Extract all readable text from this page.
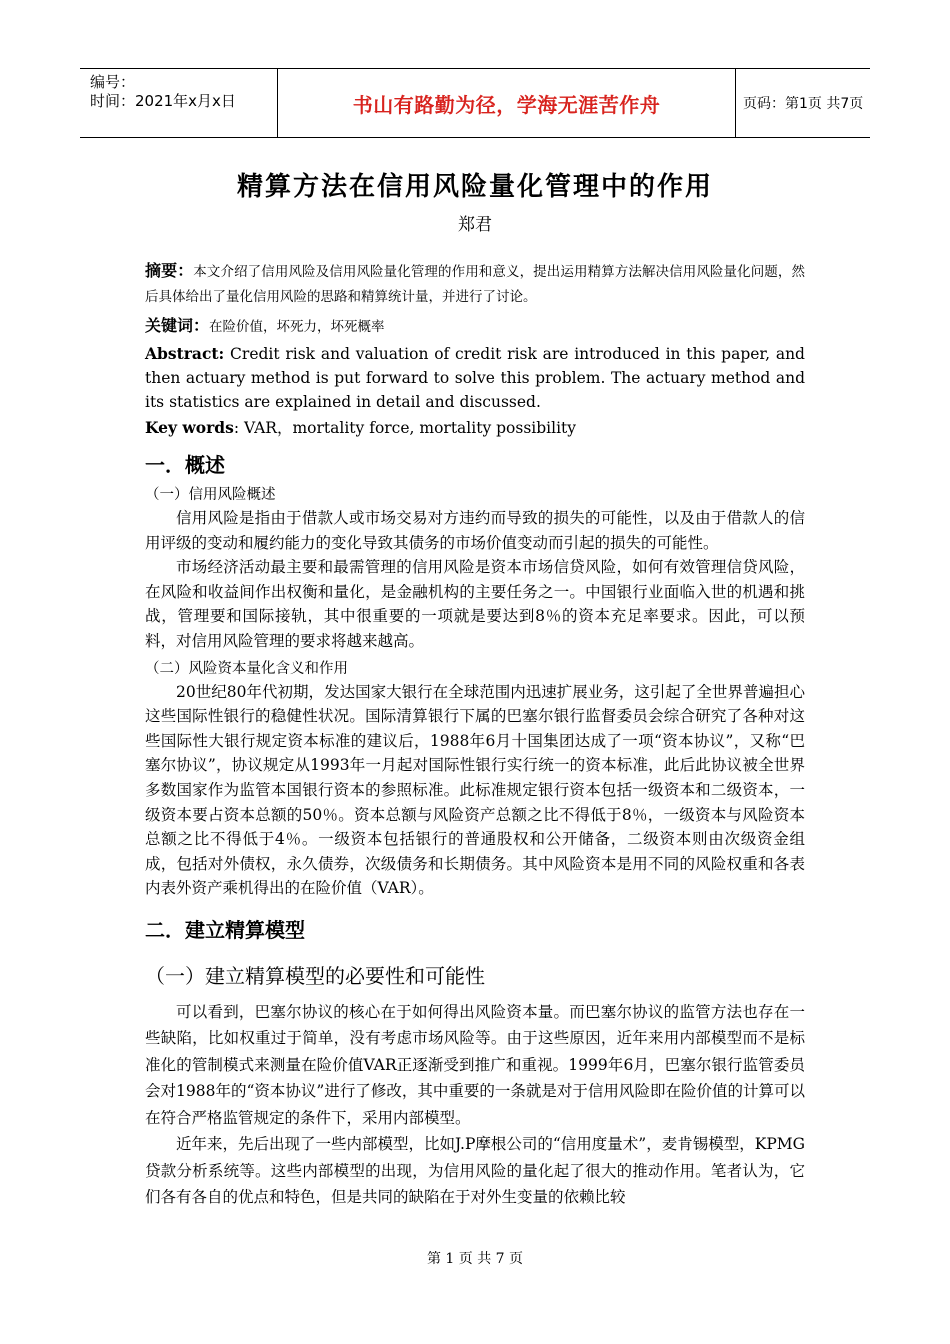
编号：
时间：2021年x月x日	书山有路勤为径，学海无涯苦作舟	页码：第1页 共7页
精算方法在信用风险量化管理中的作用
郑君

摘要：本文介绍了信用风险及信用风险量化管理的作用和意义，提出运用精算方法解决信用风险量化问题，然后具体给出了量化信用风险的思路和精算统计量，并进行了讨论。

关键词：在险价值，坏死力，坏死概率

Abstract: Credit risk and valuation of credit risk are introduced in this paper, and then actuary method is put forward to solve this problem. The actuary method and its statistics are explained in detail and discussed.

Key words: VAR，mortality force, mortality possibility

一．概述

（一）信用风险概述

信用风险是指由于借款人或市场交易对方违约而导致的损失的可能性，以及由于借款人的信用评级的变动和履约能力的变化导致其债务的市场价值变动而引起的损失的可能性。

市场经济活动最主要和最需管理的信用风险是资本市场信贷风险，如何有效管理信贷风险，在风险和收益间作出权衡和量化，是金融机构的主要任务之一。中国银行业面临入世的机遇和挑战，管理要和国际接轨，其中很重要的一项就是要达到8％的资本充足率要求。因此，可以预料，对信用风险管理的要求将越来越高。

（二）风险资本量化含义和作用

20世纪80年代初期，发达国家大银行在全球范围内迅速扩展业务，这引起了全世界普遍担心这些国际性银行的稳健性状况。国际清算银行下属的巴塞尔银行监督委员会综合研究了各种对这些国际性大银行规定资本标准的建议后，1988年6月十国集团达成了一项“资本协议”，又称“巴塞尔协议”，协议规定从1993年一月起对国际性银行实行统一的资本标准，此后此协议被全世界多数国家作为监管本国银行资本的参照标准。此标准规定银行资本包括一级资本和二级资本，一级资本要占资本总额的50％。资本总额与风险资产总额之比不得低于8％，一级资本与风险资本总额之比不得低于4％。一级资本包括银行的普通股权和公开储备，二级资本则由次级资金组成，包括对外债权，永久债券，次级债务和长期债务。其中风险资本是用不同的风险权重和各表内表外资产乘机得出的在险价值（VAR）。

二．建立精算模型

（一）建立精算模型的必要性和可能性

可以看到，巴塞尔协议的核心在于如何得出风险资本量。而巴塞尔协议的监管方法也存在一些缺陷，比如权重过于简单，没有考虑市场风险等。由于这些原因，近年来用内部模型而不是标准化的管制模式来测量在险价值VAR正逐渐受到推广和重视。1999年6月，巴塞尔银行监管委员会对1988年的“资本协议”进行了修改，其中重要的一条就是对于信用风险即在险价值的计算可以在符合严格监管规定的条件下，采用内部模型。

近年来，先后出现了一些内部模型，比如J.P摩根公司的“信用度量术”，麦肯锡模型，KPMG贷款分析系统等。这些内部模型的出现，为信用风险的量化起了很大的推动作用。笔者认为，它们各有各自的优点和特色，但是共同的缺陷在于对外生变量的依赖比较

第 1 页 共 7 页
